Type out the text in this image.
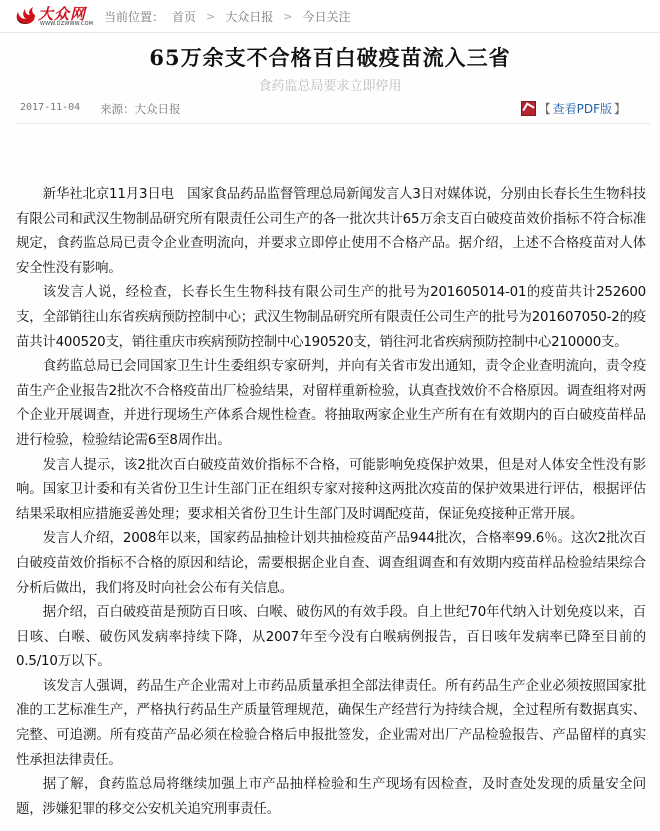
大众网
WWW.DZWWW.COM 当前位置： 首页 > 大众日报 > 今日关注
65万余支不合格百白破疫苗流入三省
食药监总局要求立即停用
2017-11-04 来源：大众日报	【 查看PDF版 】

新华社北京11月3日电　国家食品药品监督管理总局新闻发言人3日对媒体说，分别由长春长生生物科技有限公司和武汉生物制品研究所有限责任公司生产的各一批次共计65万余支百白破疫苗效价指标不符合标准规定，食药监总局已责令企业查明流向，并要求立即停止使用不合格产品。据介绍，上述不合格疫苗对人体安全性没有影响。

该发言人说，经检查，长春长生生物科技有限公司生产的批号为201605014-01的疫苗共计252600支，全部销往山东省疾病预防控制中心；武汉生物制品研究所有限责任公司生产的批号为201607050-2的疫苗共计400520支，销往重庆市疾病预防控制中心190520支，销往河北省疾病预防控制中心210000支。

食药监总局已会同国家卫生计生委组织专家研判，并向有关省市发出通知，责令企业查明流向，责令疫苗生产企业报告2批次不合格疫苗出厂检验结果，对留样重新检验，认真查找效价不合格原因。调查组将对两个企业开展调查，并进行现场生产体系合规性检查。将抽取两家企业生产所有在有效期内的百白破疫苗样品进行检验，检验结论需6至8周作出。

发言人提示，该2批次百白破疫苗效价指标不合格，可能影响免疫保护效果，但是对人体安全性没有影响。国家卫计委和有关省份卫生计生部门正在组织专家对接种这两批次疫苗的保护效果进行评估，根据评估结果采取相应措施妥善处理；要求相关省份卫生计生部门及时调配疫苗，保证免疫接种正常开展。

发言人介绍，2008年以来，国家药品抽检计划共抽检疫苗产品944批次，合格率99.6％。这次2批次百白破疫苗效价指标不合格的原因和结论，需要根据企业自查、调查组调查和有效期内疫苗样品检验结果综合分析后做出，我们将及时向社会公布有关信息。

据介绍，百白破疫苗是预防百日咳、白喉、破伤风的有效手段。自上世纪70年代纳入计划免疫以来，百日咳、白喉、破伤风发病率持续下降，从2007年至今没有白喉病例报告，百日咳年发病率已降至目前的0.5/10万以下。

该发言人强调，药品生产企业需对上市药品质量承担全部法律责任。所有药品生产企业必须按照国家批准的工艺标准生产，严格执行药品生产质量管理规范，确保生产经营行为持续合规，全过程所有数据真实、完整、可追溯。所有疫苗产品必须在检验合格后申报批签发，企业需对出厂产品检验报告、产品留样的真实性承担法律责任。

据了解，食药监总局将继续加强上市产品抽样检验和生产现场有因检查，及时查处发现的质量安全问题，涉嫌犯罪的移交公安机关追究刑事责任。
